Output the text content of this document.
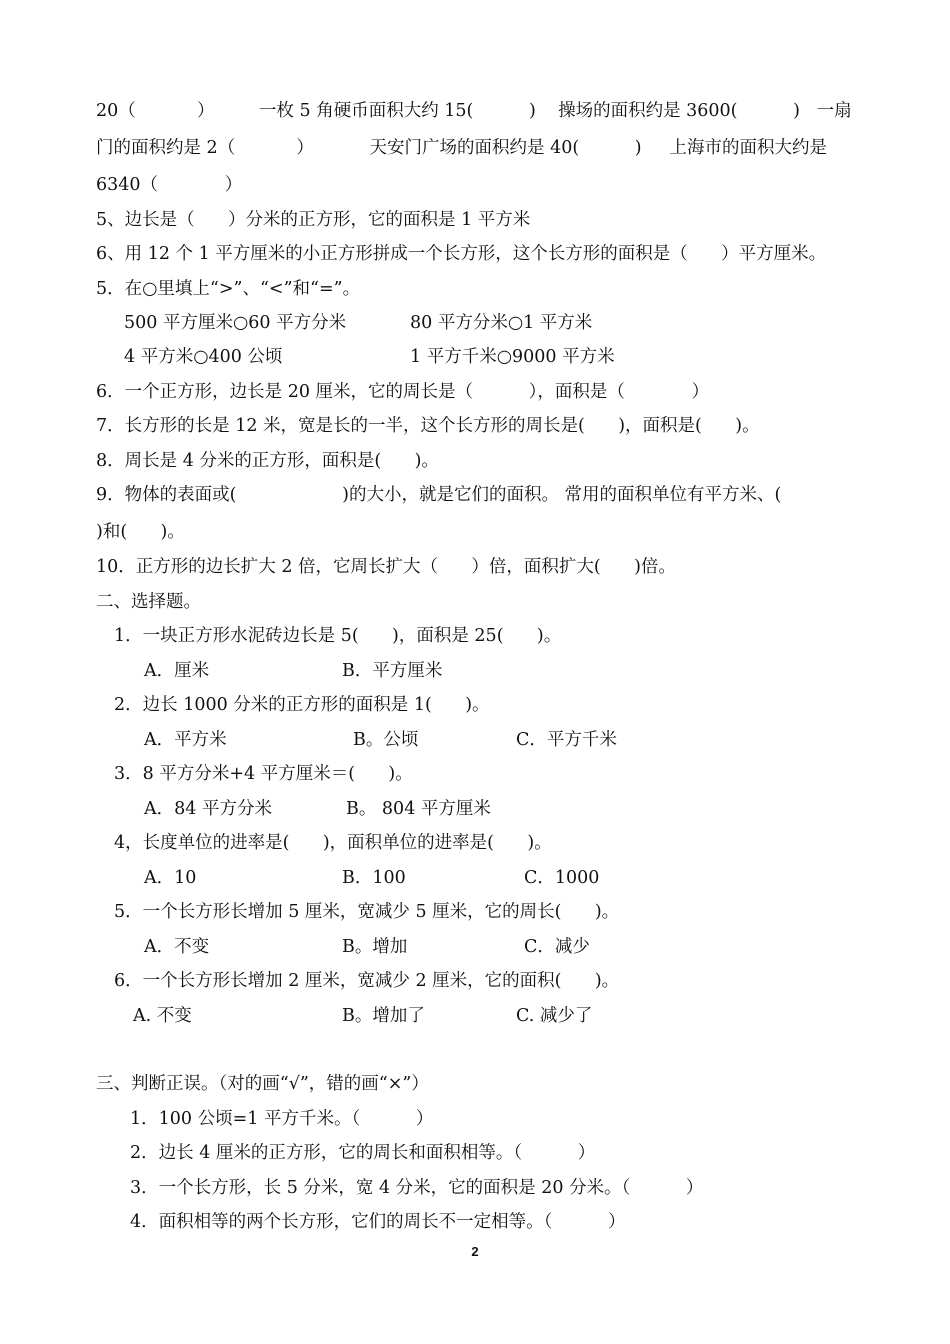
20（           ）        一枚 5 角硬币面积大约 15(          )    操场的面积约是 3600(          )   一扇
门的面积约是 2（           ）          天安门广场的面积约是 40(          )     上海市的面积大约是
6340（            ）
5、边长是（      ）分米的正方形，它的面积是 1 平方米
6、用 12 个 1 平方厘米的小正方形拼成一个长方形，这个长方形的面积是（      ）平方厘米。
5．在○里填上“>”、“<”和“=”。
500 平方厘米○60 平方分米	80 平方分米○1 平方米
4 平方米○400 公顷	1 平方千米○9000 平方米
6．一个正方形，边长是 20 厘米，它的周长是（          ），面积是（            ）
7．长方形的长是 12 米，宽是长的一半，这个长方形的周长是(      )，面积是(      )。
8．周长是 4 分米的正方形，面积是(      )。
9．物体的表面或(                   )的大小，就是它们的面积。 常用的面积单位有平方米、(
)和(      )。
10．正方形的边长扩大 2 倍，它周长扩大（      ）倍，面积扩大(      )倍。
二、选择题。
1．一块正方形水泥砖边长是 5(      )，面积是 25(      )。
A．厘米	B．平方厘米
2．边长 1000 分米的正方形的面积是 1(      )。
A．平方米	B。公顷	C．平方千米
3．8 平方分米+4 平方厘米＝(      )。
A．84 平方分米	B。 804 平方厘米
4，长度单位的进率是(      )，面积单位的进率是(      )。
A．10	B．100	C．1000
5．一个长方形长增加 5 厘米，宽减少 5 厘米，它的周长(      )。
A．不变	B。增加	C．减少
6．一个长方形长增加 2 厘米，宽减少 2 厘米，它的面积(      )。
A. 不变	B。增加了	C. 减少了
三、判断正误。（对的画“√”，错的画“×”）
1．100 公顷=1 平方千米。（          ）
2．边长 4 厘米的正方形，它的周长和面积相等。（          ）
3．一个长方形，长 5 分米，宽 4 分米，它的面积是 20 分米。（          ）
4．面积相等的两个长方形，它们的周长不一定相等。（          ）
2
